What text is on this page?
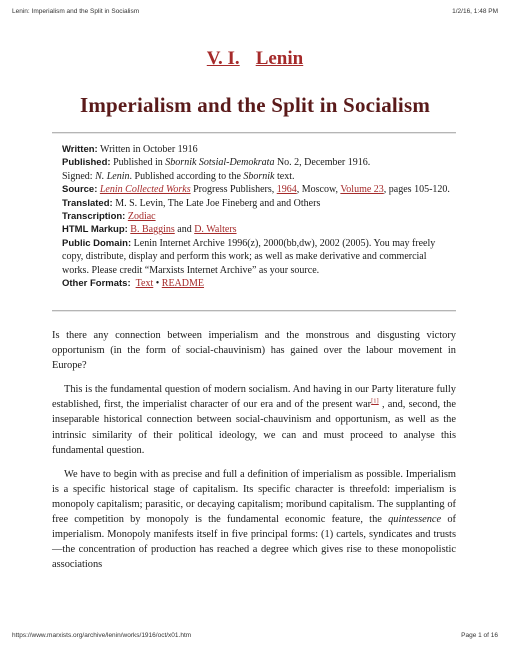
Lenin: Imperialism and the Split in Socialism	1/2/16, 1:48 PM
V. I. Lenin
Imperialism and the Split in Socialism
Written: Written in October 1916
Published: Published in Sbornik Sotsial-Demokrata No. 2, December 1916.
Signed: N. Lenin. Published according to the Sbornik text.
Source: Lenin Collected Works Progress Publishers, 1964, Moscow, Volume 23, pages 105-120.
Translated: M. S. Levin, The Late Joe Fineberg and and Others
Transcription: Zodiac
HTML Markup: B. Baggins and D. Walters
Public Domain: Lenin Internet Archive 1996(z), 2000(bb,dw), 2002 (2005). You may freely copy, distribute, display and perform this work; as well as make derivative and commercial works. Please credit “Marxists Internet Archive” as your source.
Other Formats: Text • README

Is there any connection between imperialism and the monstrous and disgusting victory opportunism (in the form of social-chauvinism) has gained over the labour movement in Europe?

This is the fundamental question of modern socialism. And having in our Party literature fully established, first, the imperialist character of our era and of the present war[1] , and, second, the inseparable historical connection between social-chauvinism and opportunism, as well as the intrinsic similarity of their political ideology, we can and must proceed to analyse this fundamental question.

We have to begin with as precise and full a definition of imperialism as possible. Imperialism is a specific historical stage of capitalism. Its specific character is threefold: imperialism is monopoly capitalism; parasitic, or decaying capitalism; moribund capitalism. The supplanting of free competition by monopoly is the fundamental economic feature, the quintessence of imperialism. Monopoly manifests itself in five principal forms: (1) cartels, syndicates and trusts—the concentration of production has reached a degree which gives rise to these monopolistic associations

https://www.marxists.org/archive/lenin/works/1916/oct/x01.htm	Page 1 of 16
